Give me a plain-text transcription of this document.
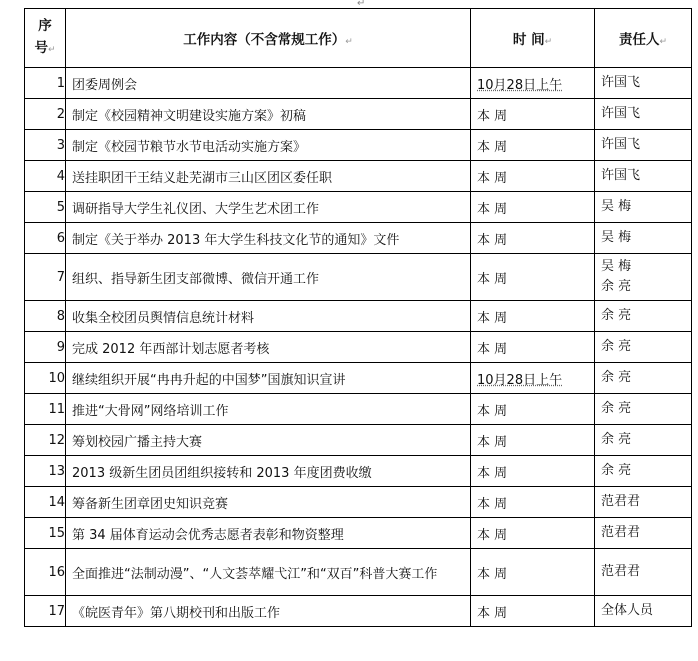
↵
序
号↵	工作内容（不含常规工作）↵	时 间↵	责任人↵
1	团委周例会	10月28日上午	许国飞

2	制定《校园精神文明建设实施方案》初稿	本 周	许国飞

3	制定《校园节粮节水节电活动实施方案》	本 周	许国飞

4	送挂职团干王结义赴芜湖市三山区团区委任职	本 周	许国飞

5	调研指导大学生礼仪团、大学生艺术团工作	本 周	吴 梅

6	制定《关于举办 2013 年大学生科技文化节的通知》文件	本 周	吴 梅

7	组织、指导新生团支部微博、微信开通工作	本 周	吴 梅
余 亮

8	收集全校团员舆情信息统计材料	本 周	余 亮

9	完成 2012 年西部计划志愿者考核	本 周	余 亮

10	继续组织开展“冉冉升起的中国梦”国旗知识宣讲	10月28日上午	余 亮

11	推进“大骨网”网络培训工作	本 周	余 亮

12	筹划校园广播主持大赛	本 周	余 亮

13	2013 级新生团员团组织接转和 2013 年度团费收缴	本 周	余 亮

14	筹备新生团章团史知识竞赛	本 周	范君君

15	第 34 届体育运动会优秀志愿者表彰和物资整理	本 周	范君君

16	全面推进“法制动漫”、“人文荟萃耀弋江”和“双百”科普大赛工作	本 周	范君君

17	《皖医青年》第八期校刊和出版工作	本 周	全体人员
